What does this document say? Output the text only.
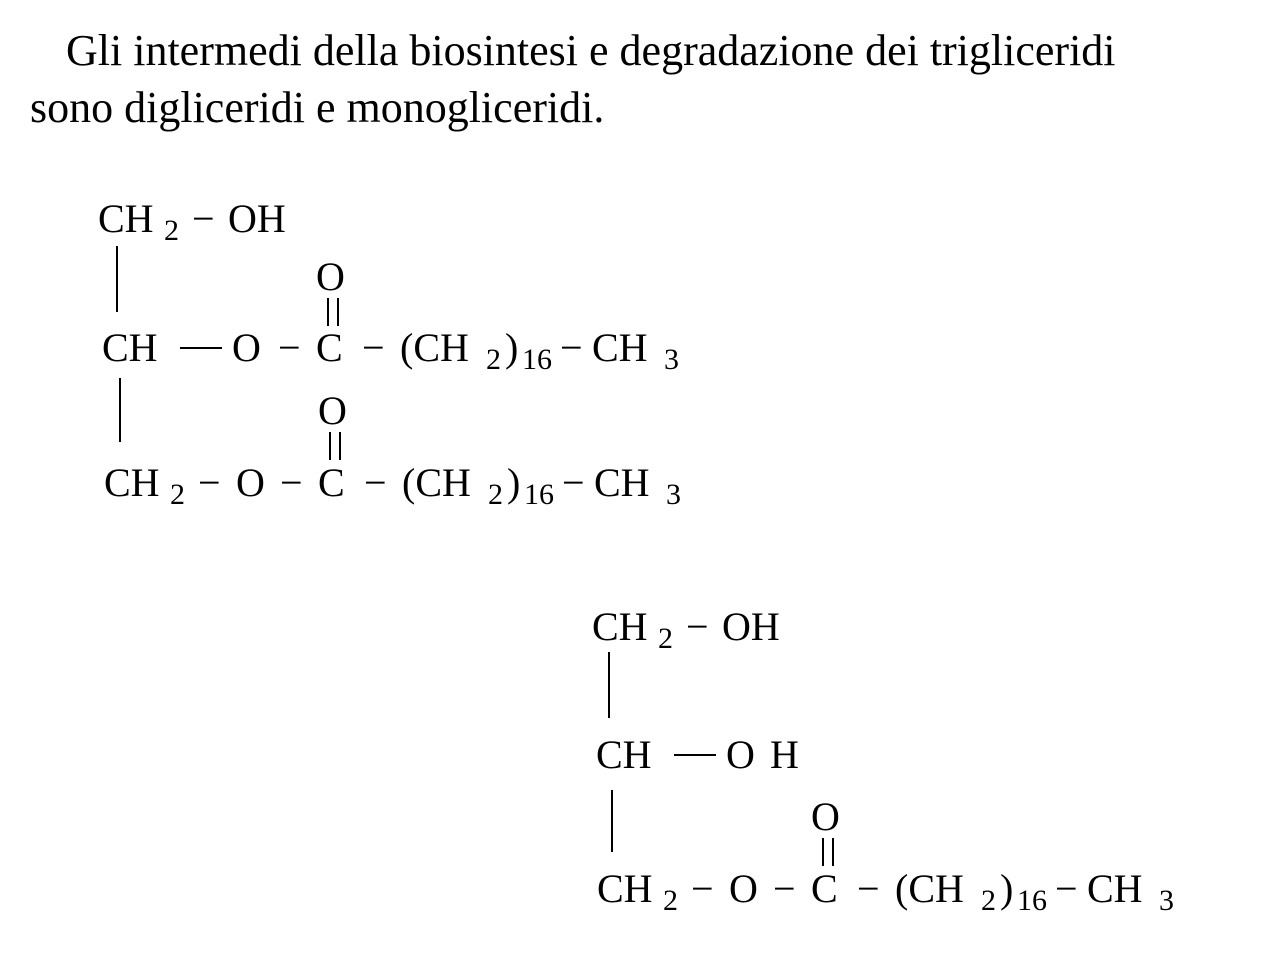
Gli intermedi della biosintesi e degradazione dei trigliceridi
sono digliceridi e monogliceridi.

CH 2 − OH
O
CH O − C − (CH 2 ) 16 − CH 3
O
CH 2 − O − C − (CH 2 ) 16 − CH 3
CH 2 − OH
CH O H
O
CH 2 − O − C − (CH 2 ) 16 − CH 3
